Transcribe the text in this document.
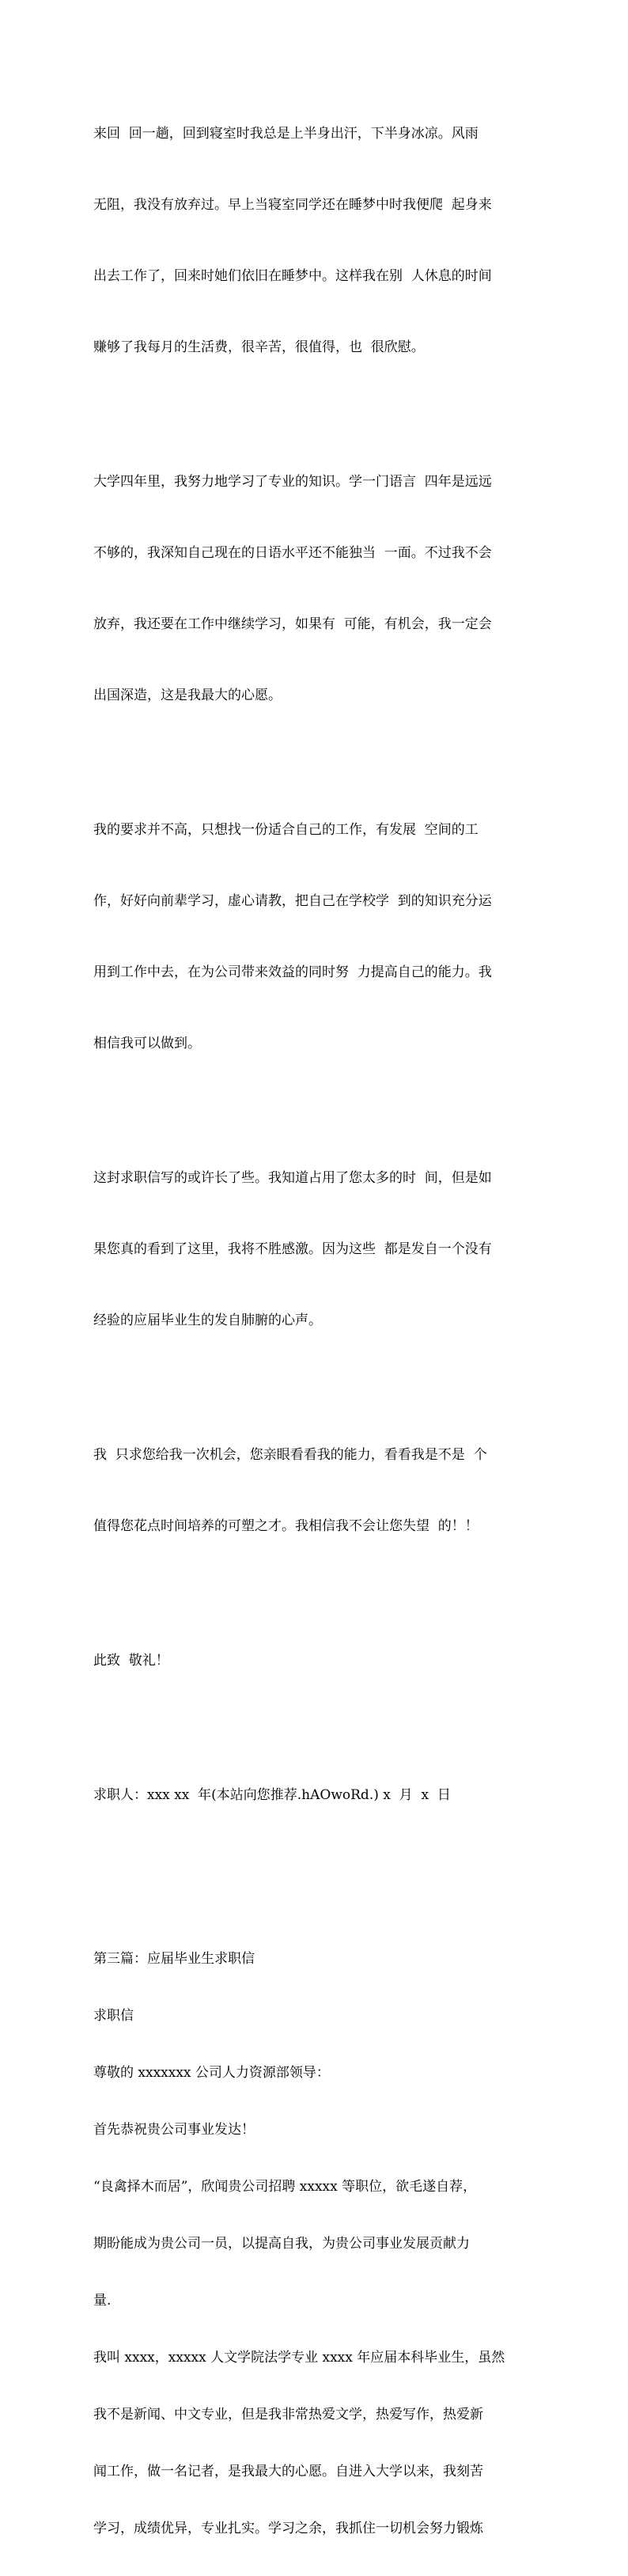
来回  回一趟，回到寝室时我总是上半身出汗，下半身冰凉。风雨

无阻，我没有放弃过。早上当寝室同学还在睡梦中时我便爬  起身来

出去工作了，回来时她们依旧在睡梦中。这样我在别  人休息的时间

赚够了我每月的生活费，很辛苦，很值得，也  很欣慰。

大学四年里，我努力地学习了专业的知识。学一门语言  四年是远远

不够的，我深知自己现在的日语水平还不能独当  一面。不过我不会

放弃，我还要在工作中继续学习，如果有  可能，有机会，我一定会

出国深造，这是我最大的心愿。

我的要求并不高，只想找一份适合自己的工作，有发展  空间的工

作，好好向前辈学习，虚心请教，把自己在学校学  到的知识充分运

用到工作中去，在为公司带来效益的同时努  力提高自己的能力。我

相信我可以做到。

这封求职信写的或许长了些。我知道占用了您太多的时  间，但是如

果您真的看到了这里，我将不胜感激。因为这些  都是发自一个没有

经验的应届毕业生的发自肺腑的心声。

我  只求您给我一次机会，您亲眼看看我的能力，看看我是不是  个

值得您花点时间培养的可塑之才。我相信我不会让您失望  的！！

此致  敬礼！

求职人：xxx xx  年(本站向您推荐.hAOwoRd.) x  月  x  日

第三篇：应届毕业生求职信

求职信

尊敬的 xxxxxxx 公司人力资源部领导：

首先恭祝贵公司事业发达！

“良禽择木而居”，欣闻贵公司招聘 xxxxx 等职位，欲毛遂自荐，

期盼能成为贵公司一员，以提高自我，为贵公司事业发展贡献力

量.

我叫 xxxx，xxxxx 人文学院法学专业 xxxx 年应届本科毕业生，虽然

我不是新闻、中文专业，但是我非常热爱文学，热爱写作，热爱新

闻工作，做一名记者，是我最大的心愿。自进入大学以来，我刻苦

学习，成绩优异，专业扎实。学习之余，我抓住一切机会努力锻炼
